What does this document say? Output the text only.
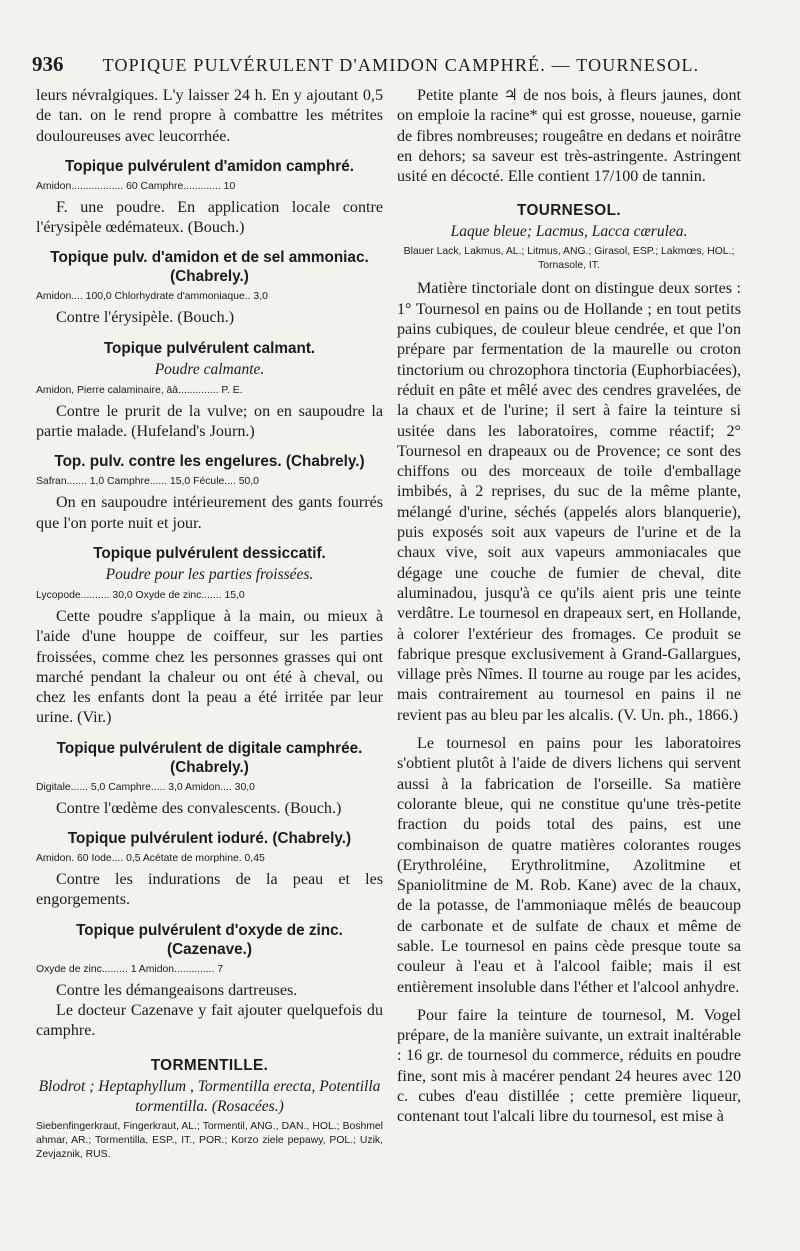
936	TOPIQUE PULVÉRULENT D'AMIDON CAMPHRÉ. — TOURNESOL.

leurs névralgiques. L'y laisser 24 h. En y ajoutant 0,5 de tan. on le rend propre à combattre les métrites douloureuses avec leucorrhée.

Topique pulvérulent d'amidon camphré.
Amidon.................. 60 Camphre............. 10

F. une poudre. En application locale contre l'érysipèle œdémateux. (Bouch.)

Topique pulv. d'amidon et de sel ammoniac. (Chabrely.)
Amidon.... 100,0 Chlorhydrate d'ammoniaque.. 3,0

Contre l'érysipèle. (Bouch.)

Topique pulvérulent calmant.
Poudre calmante.
Amidon, Pierre calaminaire, āā.............. P. E.

Contre le prurit de la vulve; on en saupoudre la partie malade. (Hufeland's Journ.)

Top. pulv. contre les engelures. (Chabrely.)
Safran....... 1,0 Camphre...... 15,0 Fécule.... 50,0

On en saupoudre intérieurement des gants fourrés que l'on porte nuit et jour.

Topique pulvérulent dessiccatif.
Poudre pour les parties froissées.
Lycopode.......... 30,0 Oxyde de zinc....... 15,0

Cette poudre s'applique à la main, ou mieux à l'aide d'une houppe de coiffeur, sur les parties froissées, comme chez les personnes grasses qui ont marché pendant la chaleur ou ont été à cheval, ou chez les enfants dont la peau a été irritée par leur urine. (Vir.)

Topique pulvérulent de digitale camphrée. (Chabrely.)
Digitale...... 5,0 Camphre..... 3,0 Amidon.... 30,0

Contre l'œdème des convalescents. (Bouch.)

Topique pulvérulent ioduré. (Chabrely.)
Amidon. 60 Iode.... 0,5 Acétate de morphine. 0,45

Contre les indurations de la peau et les engorgements.

Topique pulvérulent d'oxyde de zinc. (Cazenave.)
Oxyde de zinc......... 1 Amidon.............. 7

Contre les démangeaisons dartreuses.

Le docteur Cazenave y fait ajouter quelquefois du camphre.

TORMENTILLE.
Blodrot ; Heptaphyllum , Tormentilla erecta, Potentilla tormentilla. (Rosacées.)
Siebenfingerkraut, Fingerkraut, AL.; Tormentil, ANG., DAN., HOL.; Boshmel ahmar, AR.; Tormentilla, ESP., IT., POR.; Korzo ziele pepawy, POL.; Uzik, Zevjaznik, RUS.

Petite plante ♃ de nos bois, à fleurs jaunes, dont on emploie la racine* qui est grosse, noueuse, garnie de fibres nombreuses; rougeâtre en dedans et noirâtre en dehors; sa saveur est très-astringente. Astringent usité en décocté. Elle contient 17/100 de tannin.

TOURNESOL.
Laque bleue; Lacmus, Lacca cærulea.
Blauer Lack, Lakmus, AL.; Litmus, ANG.; Girasol, ESP.; Lakmœs, HOL.; Tornasole, IT.

Matière tinctoriale dont on distingue deux sortes : 1° Tournesol en pains ou de Hollande ; en tout petits pains cubiques, de couleur bleue cendrée, et que l'on prépare par fermentation de la maurelle ou croton tinctorium ou chrozophora tinctoria (Euphorbiacées), réduit en pâte et mêlé avec des cendres gravelées, de la chaux et de l'urine; il sert à faire la teinture si usitée dans les laboratoires, comme réactif; 2° Tournesol en drapeaux ou de Provence; ce sont des chiffons ou des morceaux de toile d'emballage imbibés, à 2 reprises, du suc de la même plante, mélangé d'urine, séchés (appelés alors blanquerie), puis exposés soit aux vapeurs de l'urine et de la chaux vive, soit aux vapeurs ammoniacales que dégage une couche de fumier de cheval, dite aluminadou, jusqu'à ce qu'ils aient pris une teinte verdâtre. Le tournesol en drapeaux sert, en Hollande, à colorer l'extérieur des fromages. Ce produit se fabrique presque exclusivement à Grand-Gallargues, village près Nîmes. Il tourne au rouge par les acides, mais contrairement au tournesol en pains il ne revient pas au bleu par les alcalis. (V. Un. ph., 1866.)

Le tournesol en pains pour les laboratoires s'obtient plutôt à l'aide de divers lichens qui servent aussi à la fabrication de l'orseille. Sa matière colorante bleue, qui ne constitue qu'une très-petite fraction du poids total des pains, est une combinaison de quatre matières colorantes rouges (Erythroléine, Erythrolitmine, Azolitmine et Spaniolitmine de M. Rob. Kane) avec de la chaux, de la potasse, de l'ammoniaque mêlés de beaucoup de carbonate et de sulfate de chaux et même de sable. Le tournesol en pains cède presque toute sa couleur à l'eau et à l'alcool faible; mais il est entièrement insoluble dans l'éther et l'alcool anhydre.

Pour faire la teinture de tournesol, M. Vogel prépare, de la manière suivante, un extrait inaltérable : 16 gr. de tournesol du commerce, réduits en poudre fine, sont mis à macérer pendant 24 heures avec 120 c. cubes d'eau distillée ; cette première liqueur, contenant tout l'alcali libre du tournesol, est mise à
